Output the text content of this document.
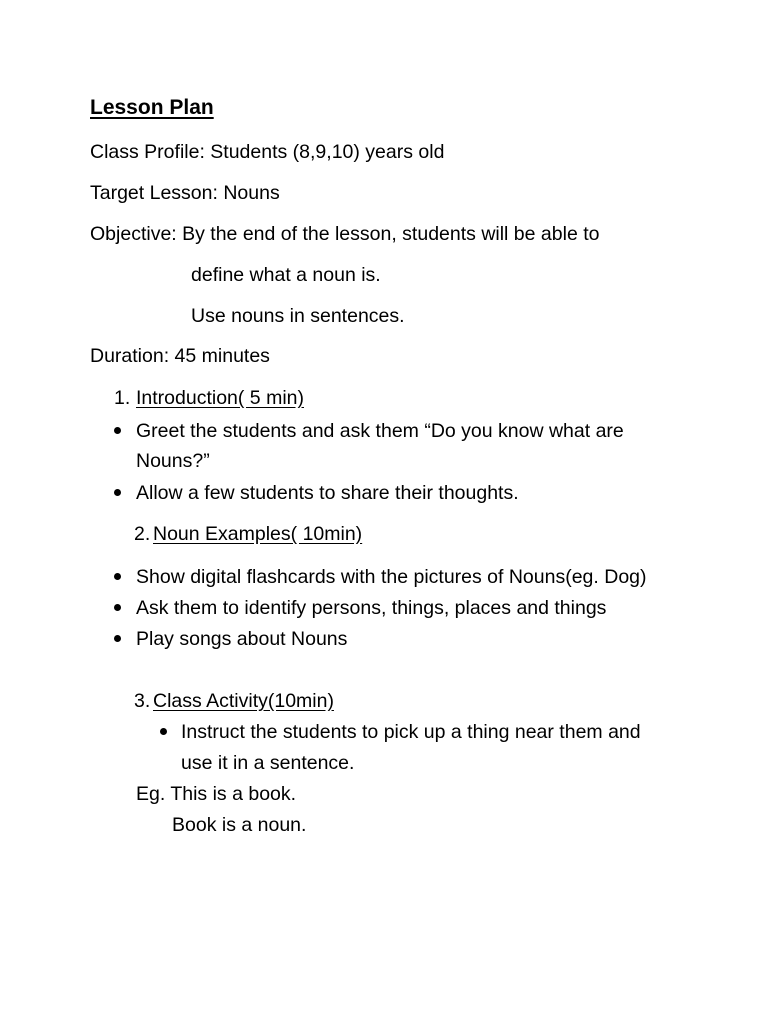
Lesson Plan
Class Profile: Students (8,9,10) years old
Target Lesson: Nouns
Objective: By the end of the lesson, students will be able to
define what a noun is.
Use nouns in sentences.
Duration: 45 minutes
1. Introduction( 5 min)
Greet the students and ask them “Do you know what are
Nouns?”
Allow a few students to share their thoughts.
2. Noun Examples( 10min)
Show digital flashcards with the pictures of Nouns(eg. Dog)
Ask them to identify persons, things, places and things
Play songs about Nouns
3. Class Activity(10min)
Instruct the students to pick up a thing near them and
use it in a sentence.
Eg. This is a book.
Book is a noun.
